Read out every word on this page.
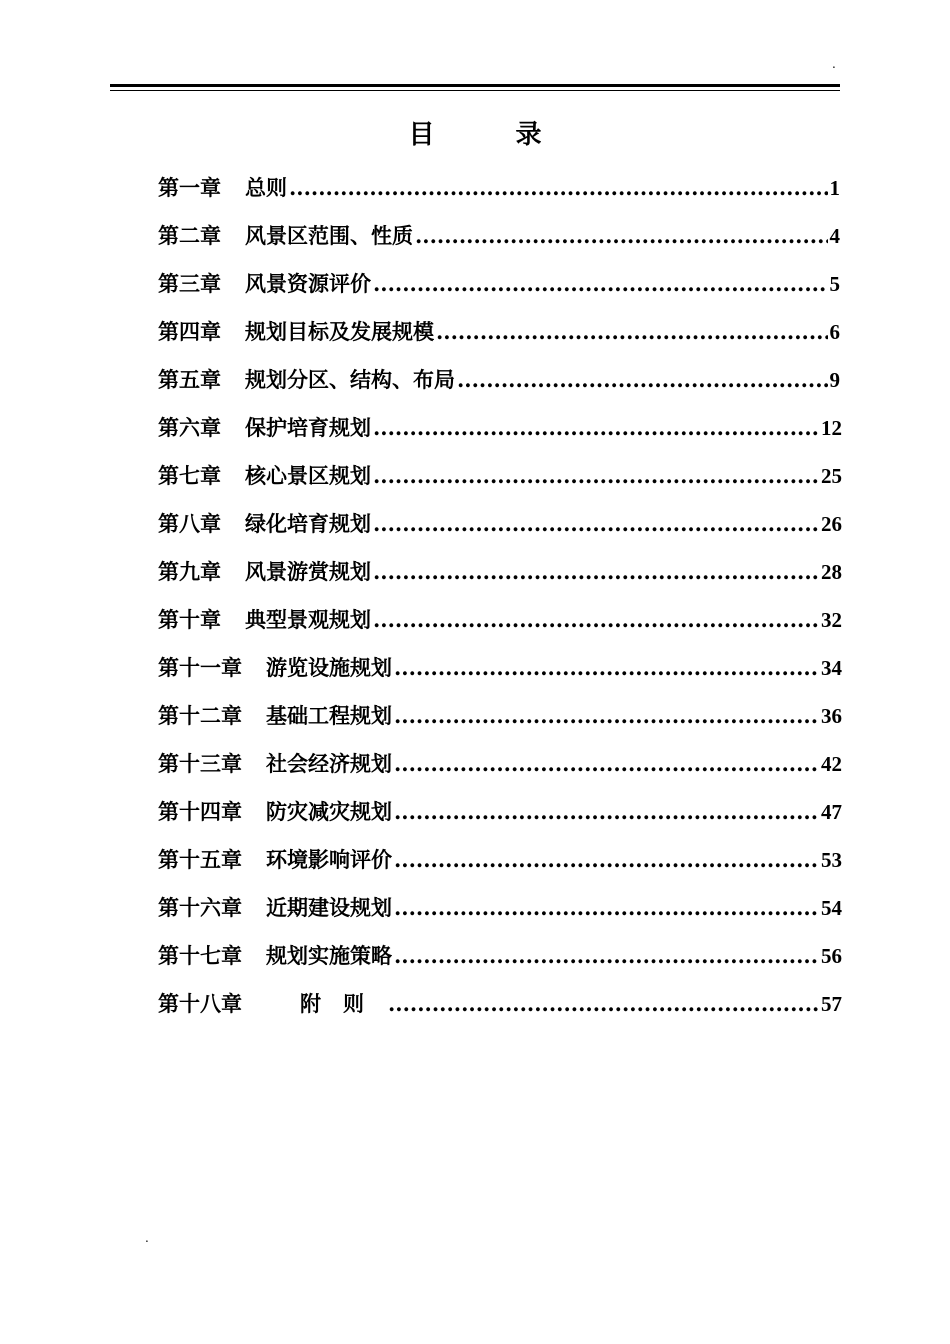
.
目 录
第一章 总则 .....	1
第二章 风景区范围、性质 .....	4
第三章 风景资源评价 .....	5
第四章 规划目标及发展规模 .....	6
第五章 规划分区、结构、布局 .....	9
第六章 保护培育规划 .....	12
第七章 核心景区规划 .....	25
第八章 绿化培育规划 .....	26
第九章 风景游赏规划 .....	28
第十章 典型景观规划 .....	32
第十一章 游览设施规划 .....	34
第十二章 基础工程规划 .....	36
第十三章 社会经济规划 .....	42
第十四章 防灾减灾规划 .....	47
第十五章 环境影响评价 .....	53
第十六章 近期建设规划 .....	54
第十七章 规划实施策略 .....	56
第十八章	附则 .....	57
.
